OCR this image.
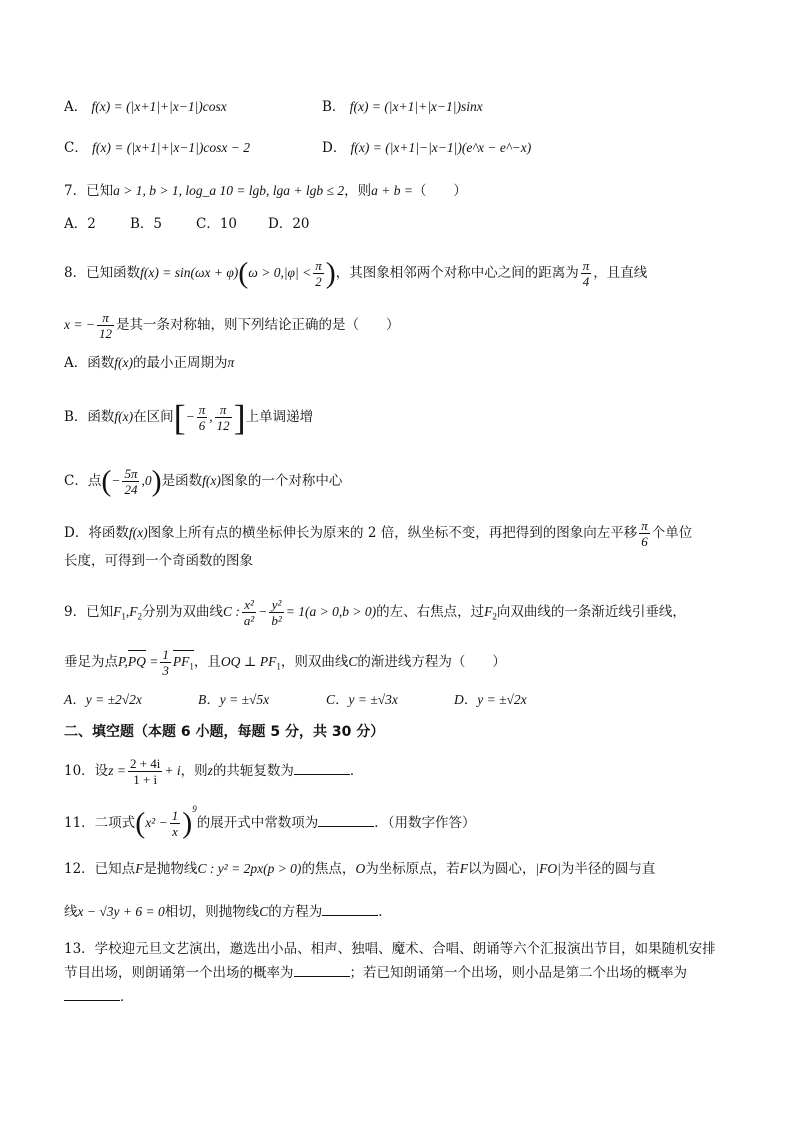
A． f(x) = (|x+1|+|x−1|)cosx	B． f(x) = (|x+1|+|x−1|)sinx
C． f(x) = (|x+1|+|x−1|)cosx − 2	D． f(x) = (|x+1|−|x−1|)(e^x − e^−x)
7．已知a > 1, b > 1, log_a 10 = lgb, lga + lgb ≤ 2，则a + b =（　　）
A．2	B．5	C．10 D．20
8．已知函数$f(x) = \sin(\omega x + \varphi)(\omega > 0,|\varphi| < \frac{\pi}{2}$ )，其图象相邻两个对称中心之间的距离为 $\frac{\pi}{4}$ ，且直线
x = − $\frac{\pi}{12}$ 是其一条对称轴，则下列结论正确的是（　　）
A．函数f(x)的最小正周期为π
B．函数f(x)在区间[− $\frac{\pi}{6}$ , $\frac{\pi}{12}$ ]上单调递增
C．点(− $\frac{5\pi}{24} ,0$)是函数f(x)图象的一个对称中心
D．将函数f(x)图象上所有点的横坐标伸长为原来的 2 倍，纵坐标不变，再把得到的图象向左平移 $\frac{\pi}{6}$ 个单位
长度，可得到一个奇函数的图象
9．已知$F_1,F_2$分别为双曲线C : $\frac{\text{x²}}{\text{a²}} - \frac{\text{y²}}{\text{b²}} = 1(a > 0,b > 0)$的左、右焦点，过$F_2$向双曲线的一条渐近线引垂线，
垂足为点$P,PQ = \frac{1}{3} PF_1$，且OQ ⊥ $PF_1$，则双曲线C的渐进线方程为（　　）
A．y = ±2√2x	B．y = ±√5x	C．y = ±√3x	D．y = ±√2x
二、填空题（本题 6 小题，每题 5 分，共 30 分）
10．设$z = \frac{2 + 4i}{1 + i} + i$，则z的共轭复数为	．
11．二项式$(x^2 - \frac{1}{x} )^9$的展开式中常数项为	．（用数字作答）
12．已知点F是抛物线C : y² = 2px(p > 0)的焦点，O为坐标原点，若F以为圆心，|FO|为半径的圆与直
线x − √3y + 6 = 0相切，则抛物线C的方程为	．
13．学校迎元旦文艺演出，邀选出小品、相声、独唱、魔术、合唱、朗诵等六个汇报演出节目，如果随机安排
节目出场，则朗诵第一个出场的概率为	；若已知朗诵第一个出场，则小品是第二个出场的概率为
．
